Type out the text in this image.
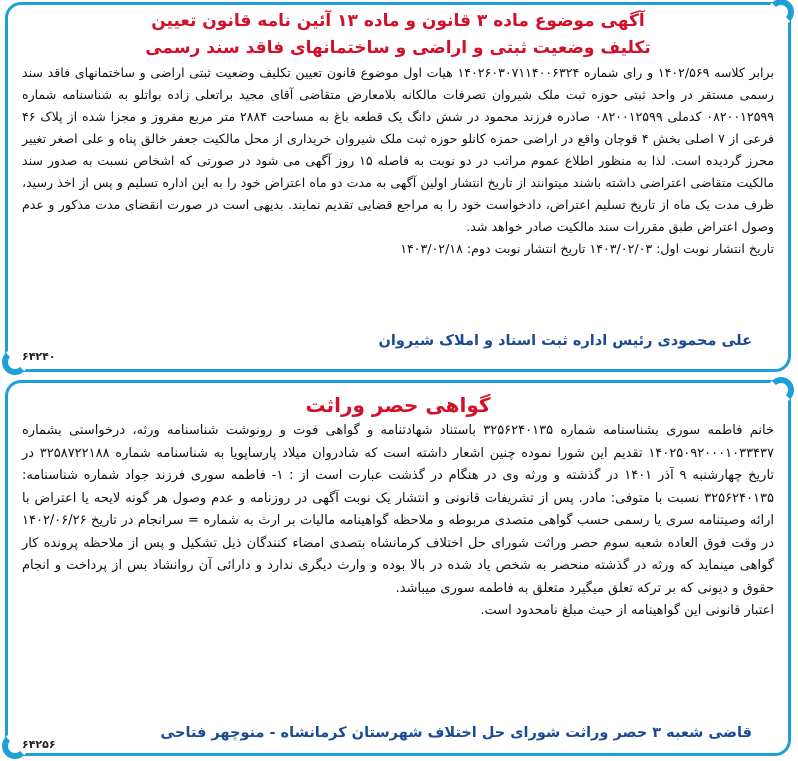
آگهی موضوع ماده ۳ قانون و ماده ۱۳ آئین نامه قانون تعیین

تکلیف وضعیت ثبتی و اراضی و ساختمانهای فاقد سند رسمی

برابر کلاسه ۱۴۰۲/۵۶۹ و رای شماره ۱۴۰۲۶۰۳۰۷۱۱۴۰۰۶۳۲۴ هیات اول موضوع قانون تعیین تکلیف وضعیت ثبتی اراضی و ساختمانهای فاقد سند رسمی مستقر در واحد ثبتی حوزه ثبت ملک شیروان تصرفات مالکانه بلامعارض متقاضی آقای مجید براتعلی زاده بواتلو به شناسنامه شماره ۰۸۲۰۰۱۲۵۹۹ کدملی ۰۸۲۰۰۱۲۵۹۹ صادره فرزند محمود در شش دانگ یک قطعه باغ به مساحت ۲۸۸۴ متر مربع مفروز و مجزا شده از پلاک ۴۶ فرعی از ۷ اصلی بخش ۴ قوچان واقع در اراضی حمزه کانلو حوزه ثبت ملک شیروان خریداری از محل مالکیت جعفر خالق پناه و علی اصغر تغییر محرز گردیده است. لذا به منظور اطلاع عموم مراتب در دو نوبت به فاصله ۱۵ روز آگهی می شود در صورتی که اشخاص نسبت به صدور سند مالکیت متقاضی اعتراضی داشته باشند میتوانند از تاریخ انتشار اولین آگهی به مدت دو ماه اعتراض خود را به این اداره تسلیم و پس از اخذ رسید، ظرف مدت یک ماه از تاریخ تسلیم اعتراض، دادخواست خود را به مراجع قضایی تقدیم نمایند. بدیهی است در صورت انقضای مدت مذکور و عدم وصول اعتراض طبق مقررات سند مالکیت صادر خواهد شد.

تاریخ انتشار نوبت اول: ۱۴۰۳/۰۲/۰۳ تاریخ انتشار نوبت دوم: ۱۴۰۳/۰۲/۱۸

علی محمودی رئیس اداره ثبت اسناد و املاک شیروان
۶۴۲۴۰

گواهی حصر وراثت

خانم فاطمه سوری بشناسنامه شماره ۳۲۵۶۲۴۰۱۳۵ باستناد شهادتنامه و گواهی فوت و رونوشت شناسنامه ورثه، درخواستی بشماره ۱۴۰۲۵۰۹۲۰۰۰۱۰۳۳۴۳۷ تقدیم این شورا نموده چنین اشعار داشته است که شادروان میلاد پارساپویا به شناسنامه شماره ۳۲۵۸۷۲۲۱۸۸ در تاریخ چهارشنبه ۹ آذر ۱۴۰۱ در گذشته و ورثه وی در هنگام در گذشت عبارت است از : ۱- فاطمه سوری فرزند جواد شماره شناسنامه: ۳۲۵۶۲۴۰۱۳۵ نسبت با متوفی: مادر. پس از تشریفات قانونی و انتشار یک نوبت آگهی در روزنامه و عدم وصول هر گونه لایحه یا اعتراض با ارائه وصیتنامه سری یا رسمی حسب گواهی متصدی مربوطه و ملاحظه گواهینامه مالیات بر ارث به شماره = سرانجام در تاریخ ۱۴۰۲/۰۶/۲۶ در وقت فوق العاده شعبه سوم حصر وراثت شورای حل اختلاف کرمانشاه بتصدی امضاء کنندگان ذیل تشکیل و پس از ملاحظه پرونده کار گواهی مینماید که ورثه در گذشته منحصر به شخص یاد شده در بالا بوده و وارث دیگری ندارد و دارائی آن روانشاد بس از پرداخت و انجام حقوق و دیونی که بر ترکه تعلق میگیرد متعلق به فاطمه سوری میباشد.

اعتبار قانونی این گواهینامه از حیث مبلغ نامحدود است.

قاضی شعبه ۳ حصر وراثت شورای حل اختلاف شهرستان کرمانشاه - منوچهر فتاحی
۶۴۲۵۶
